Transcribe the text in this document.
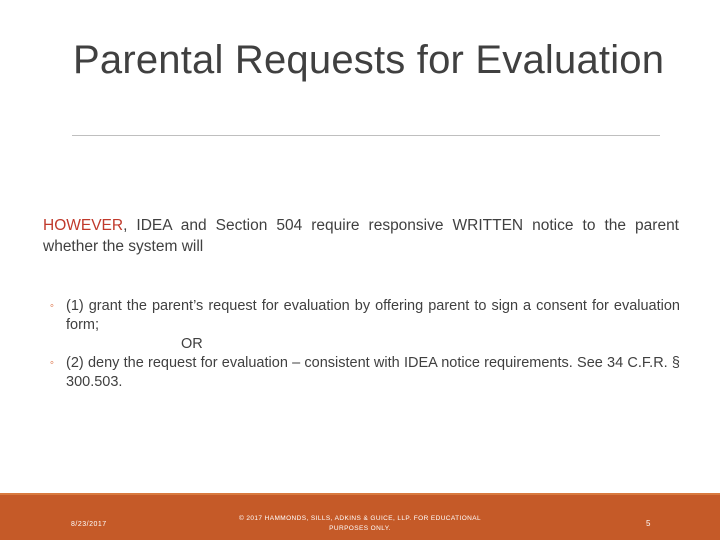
Parental Requests for Evaluation
HOWEVER, IDEA and Section 504 require responsive WRITTEN notice to the parent whether the system will
◦ (1) grant the parent’s request for evaluation by offering parent to sign a consent for evaluation form;
OR
◦ (2) deny the request for evaluation – consistent with IDEA notice requirements. See 34 C.F.R. § 300.503.
8/23/2017
© 2017 HAMMONDS, SILLS, ADKINS & GUICE, LLP. FOR EDUCATIONAL PURPOSES ONLY.
5
